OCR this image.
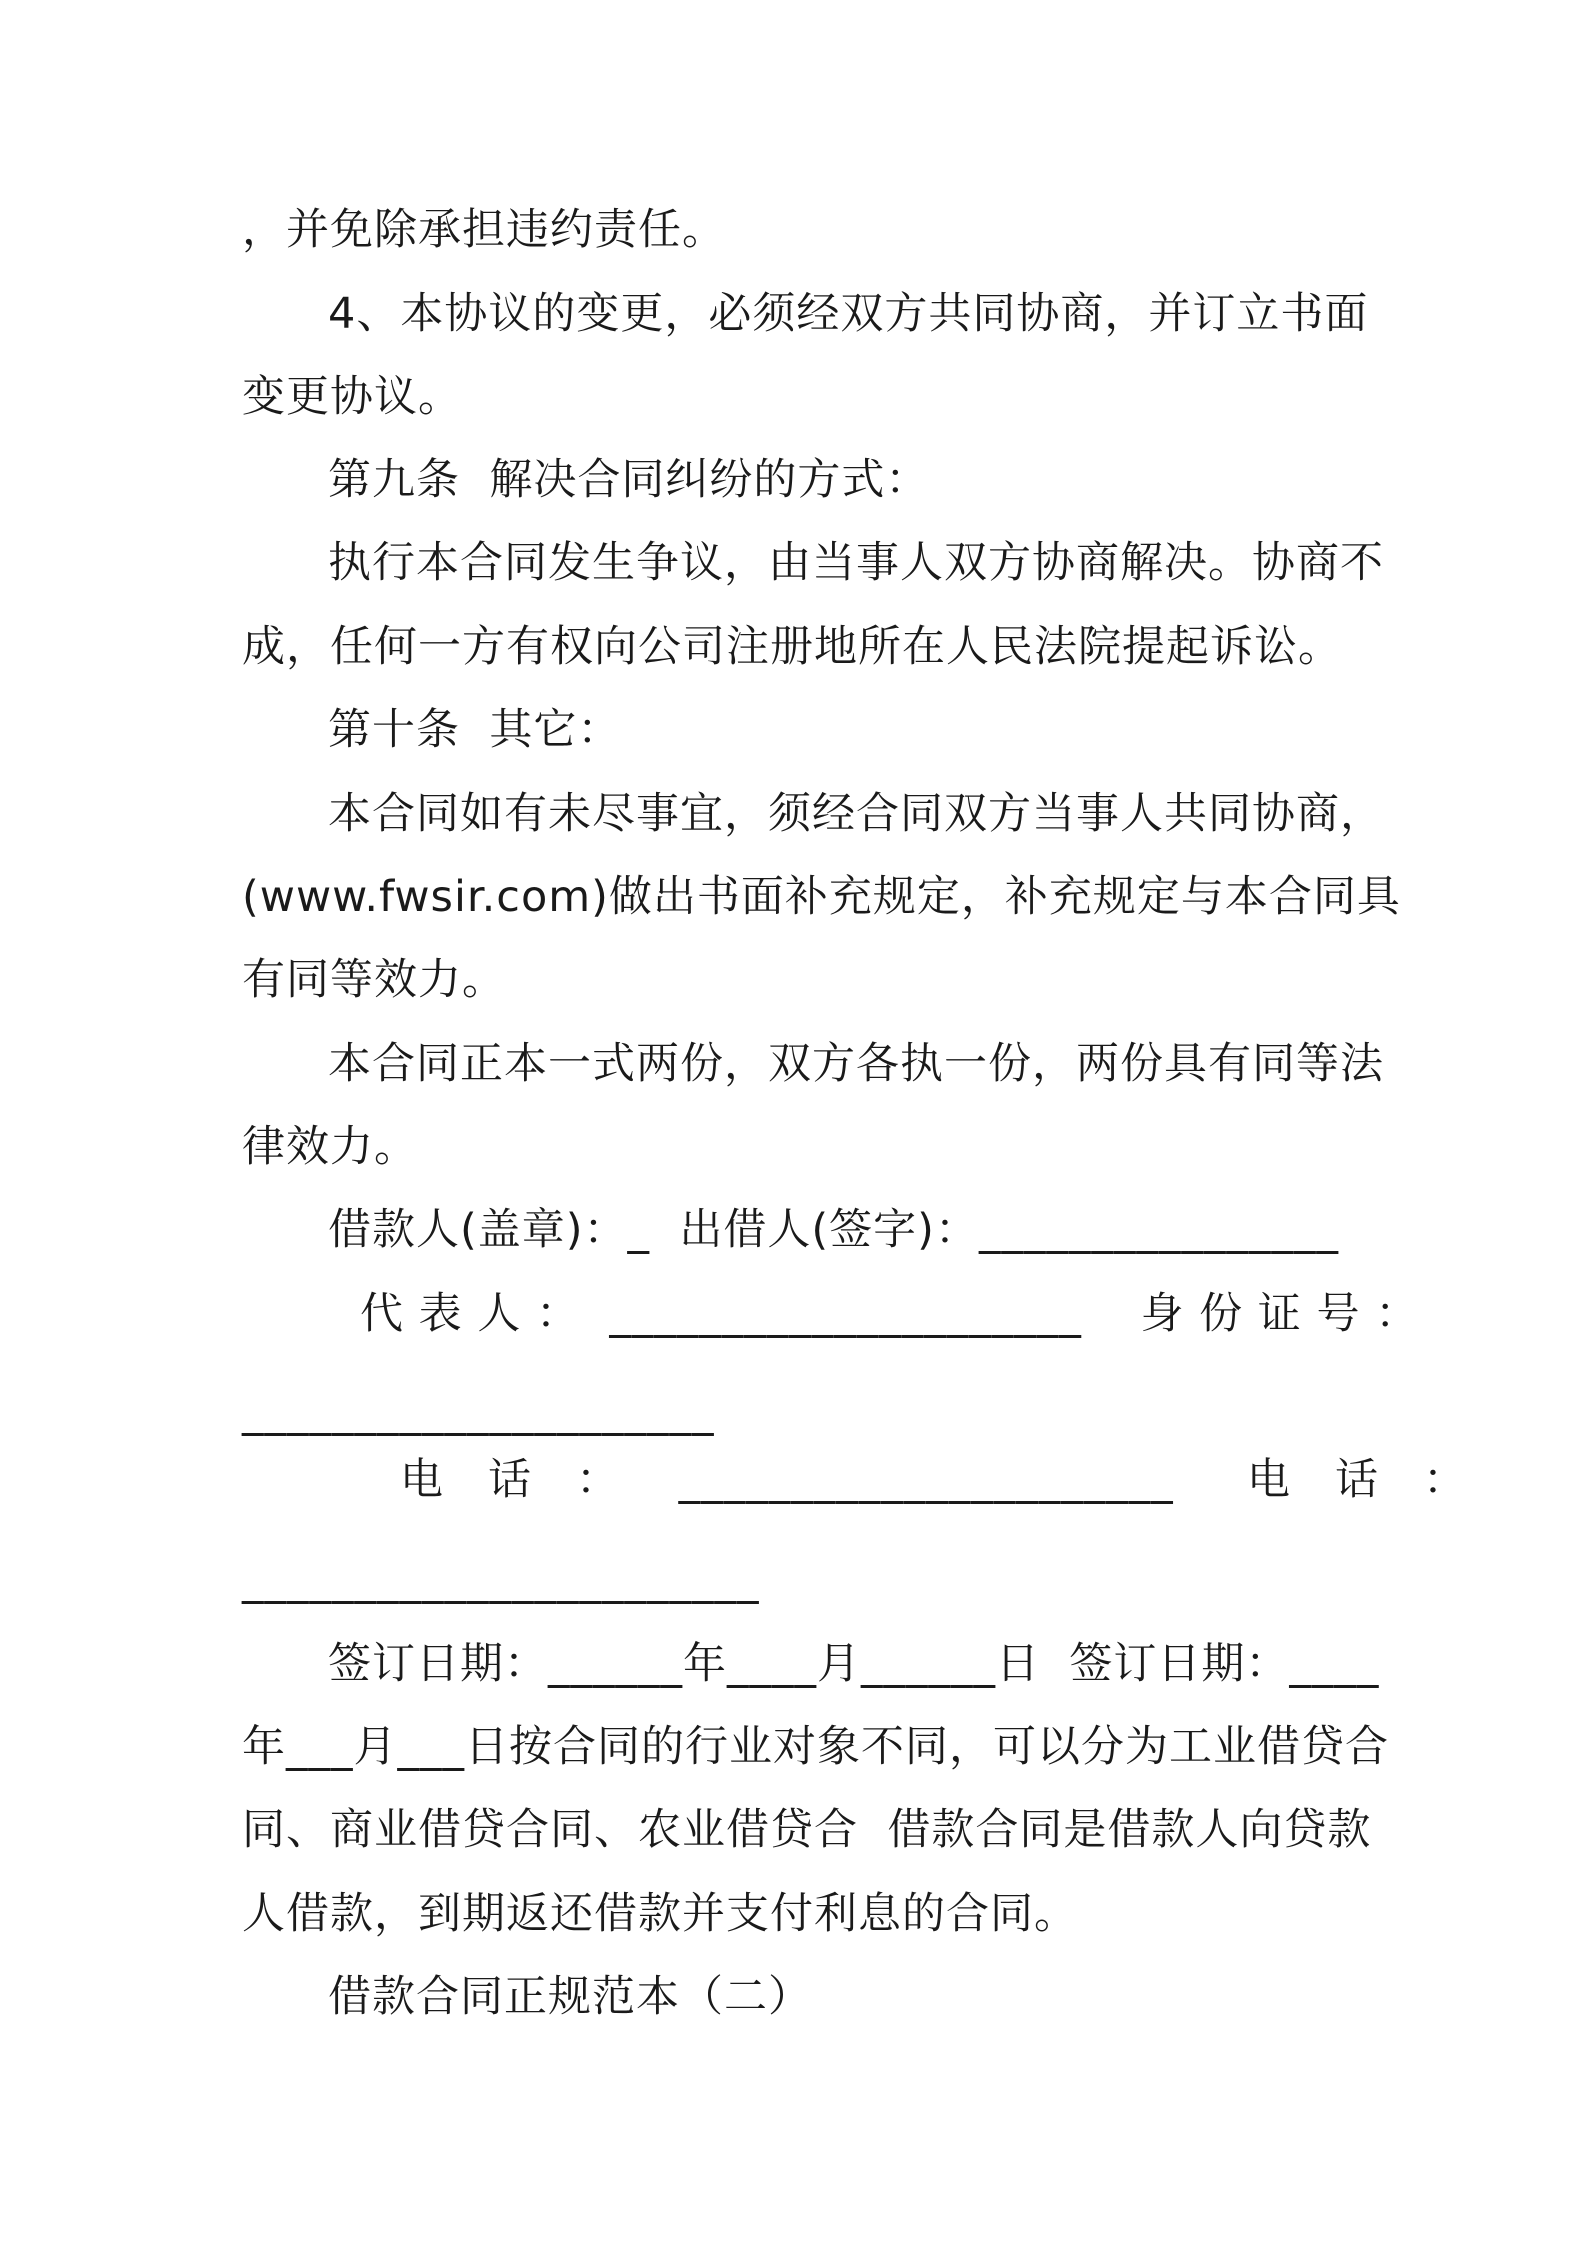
，并免除承担违约责任。
4、本协议的变更，必须经双方共同协商，并订立书面
变更协议。
第九条  解决合同纠纷的方式：
执行本合同发生争议，由当事人双方协商解决。协商不
成，任何一方有权向公司注册地所在人民法院提起诉讼。
第十条  其它：
本合同如有未尽事宜，须经合同双方当事人共同协商，
(www.fwsir.com)做出书面补充规定，补充规定与本合同具
有同等效力。
本合同正本一式两份，双方各执一份，两份具有同等法
律效力。
借款人(盖章)：_  出借人(签字)：________________
代 表 人 ：  _____________________    身 份 证 号 ：
_____________________
电   话   ：    ______________________     电   话   ：
_______________________
签订日期：______年____月______日  签订日期：____
年___月___日按合同的行业对象不同，可以分为工业借贷合
同、商业借贷合同、农业借贷合  借款合同是借款人向贷款
人借款，到期返还借款并支付利息的合同。
借款合同正规范本（二）
